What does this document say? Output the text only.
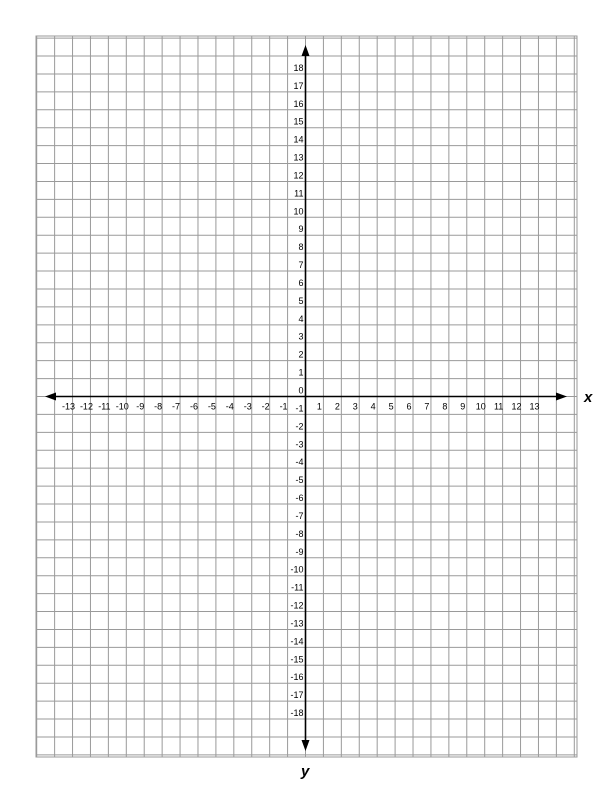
-13 -12 -11 -10 -9 -8 -7 -6 -5 -4 -3 -2 -1	1 2 3 4 5 6 7 8 9 10 11 12 13
18
17
16
15
14
13
12
11
10
9
8
7
6
5
4
3
2
1
0
-1
-2
-3
-4
-5
-6
-7
-8
-9
-10
-11
-12
-13
-14
-15
-16
-17
-18
x
y
